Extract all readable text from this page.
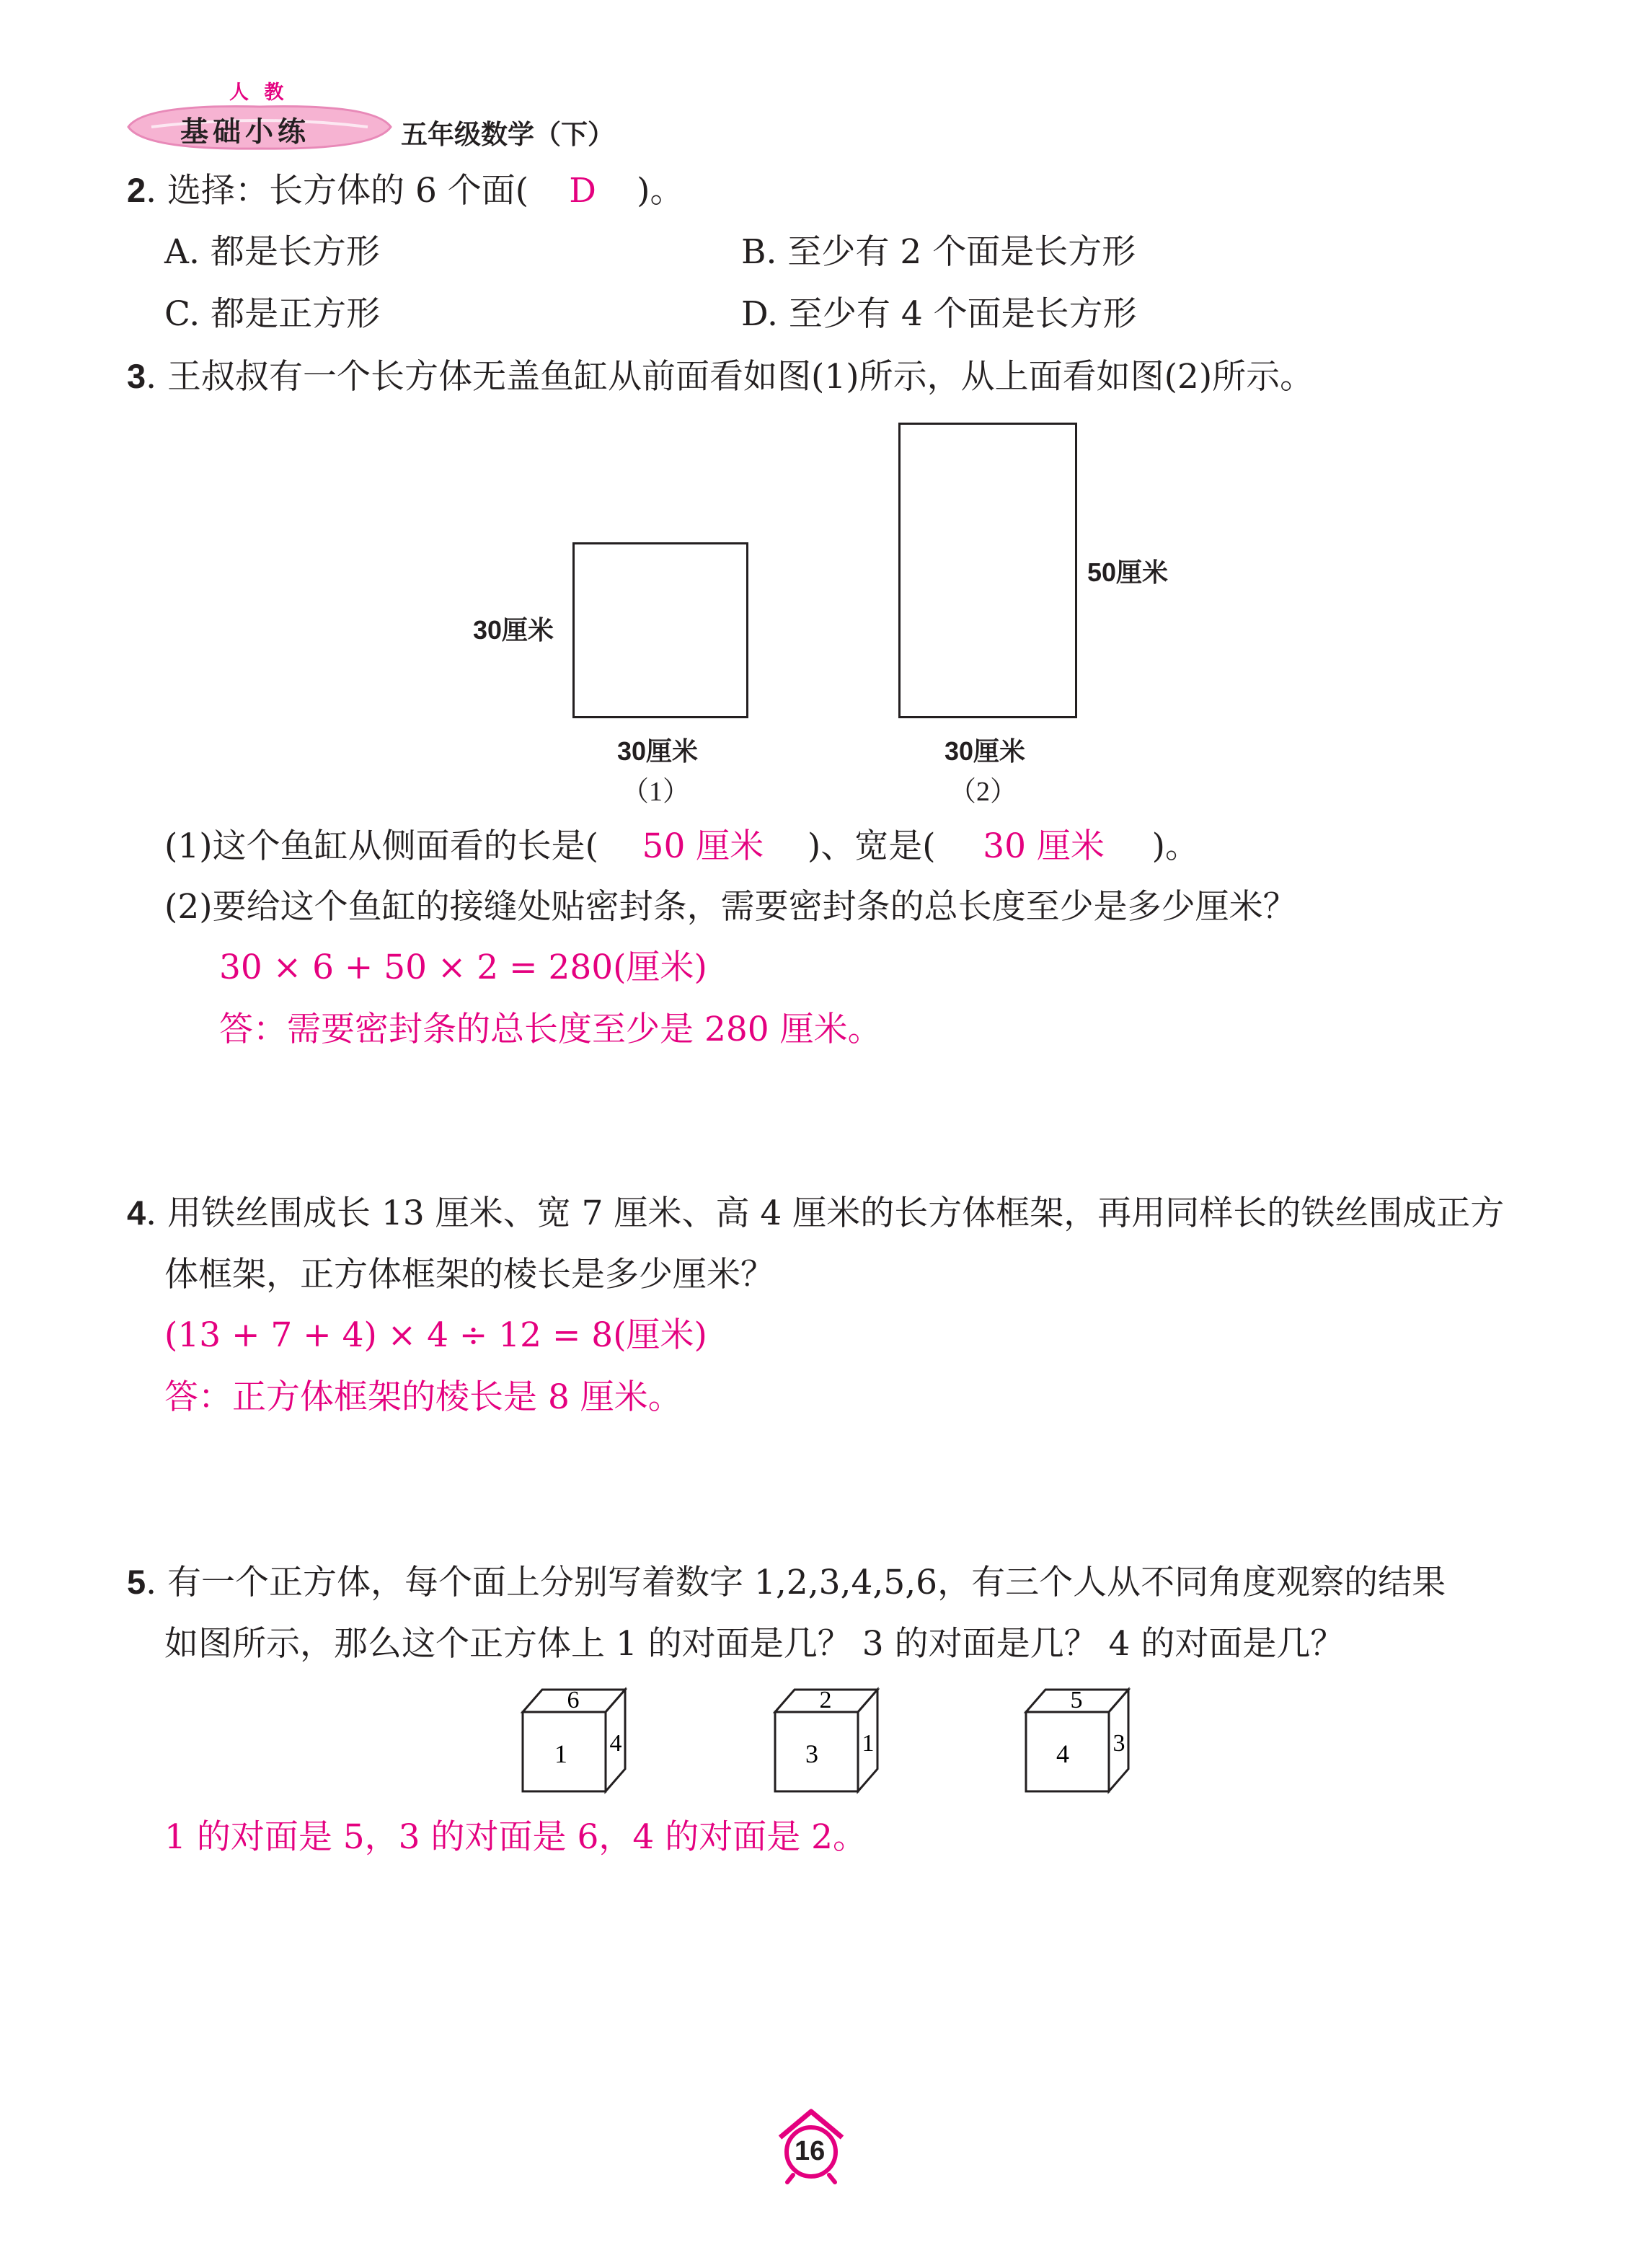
人 教
基础小练	五年级数学（下）
2. 选择：长方体的 6 个面( D )。
A. 都是长方形	B. 至少有 2 个面是长方形
C. 都是正方形	D. 至少有 4 个面是长方形
3. 王叔叔有一个长方体无盖鱼缸从前面看如图(1)所示，从上面看如图(2)所示。
30厘米
30厘米
（1）
50厘米
30厘米
（2）
(1)这个鱼缸从侧面看的长是( 50 厘米 )、宽是( 30 厘米 )。
(2)要给这个鱼缸的接缝处贴密封条，需要密封条的总长度至少是多少厘米？
30 × 6 + 50 × 2 = 280(厘米)
答：需要密封条的总长度至少是 280 厘米。
4. 用铁丝围成长 13 厘米、宽 7 厘米、高 4 厘米的长方体框架，再用同样长的铁丝围成正方
体框架，正方体框架的棱长是多少厘米？
(13 + 7 + 4) × 4 ÷ 12 = 8(厘米)
答：正方体框架的棱长是 8 厘米。
5. 有一个正方体，每个面上分别写着数字 1,2,3,4,5,6，有三个人从不同角度观察的结果
如图所示，那么这个正方体上 1 的对面是几？ 3 的对面是几？ 4 的对面是几？
6
1 4
2
3 1
5
4 3
1 的对面是 5，3 的对面是 6，4 的对面是 2。
16
